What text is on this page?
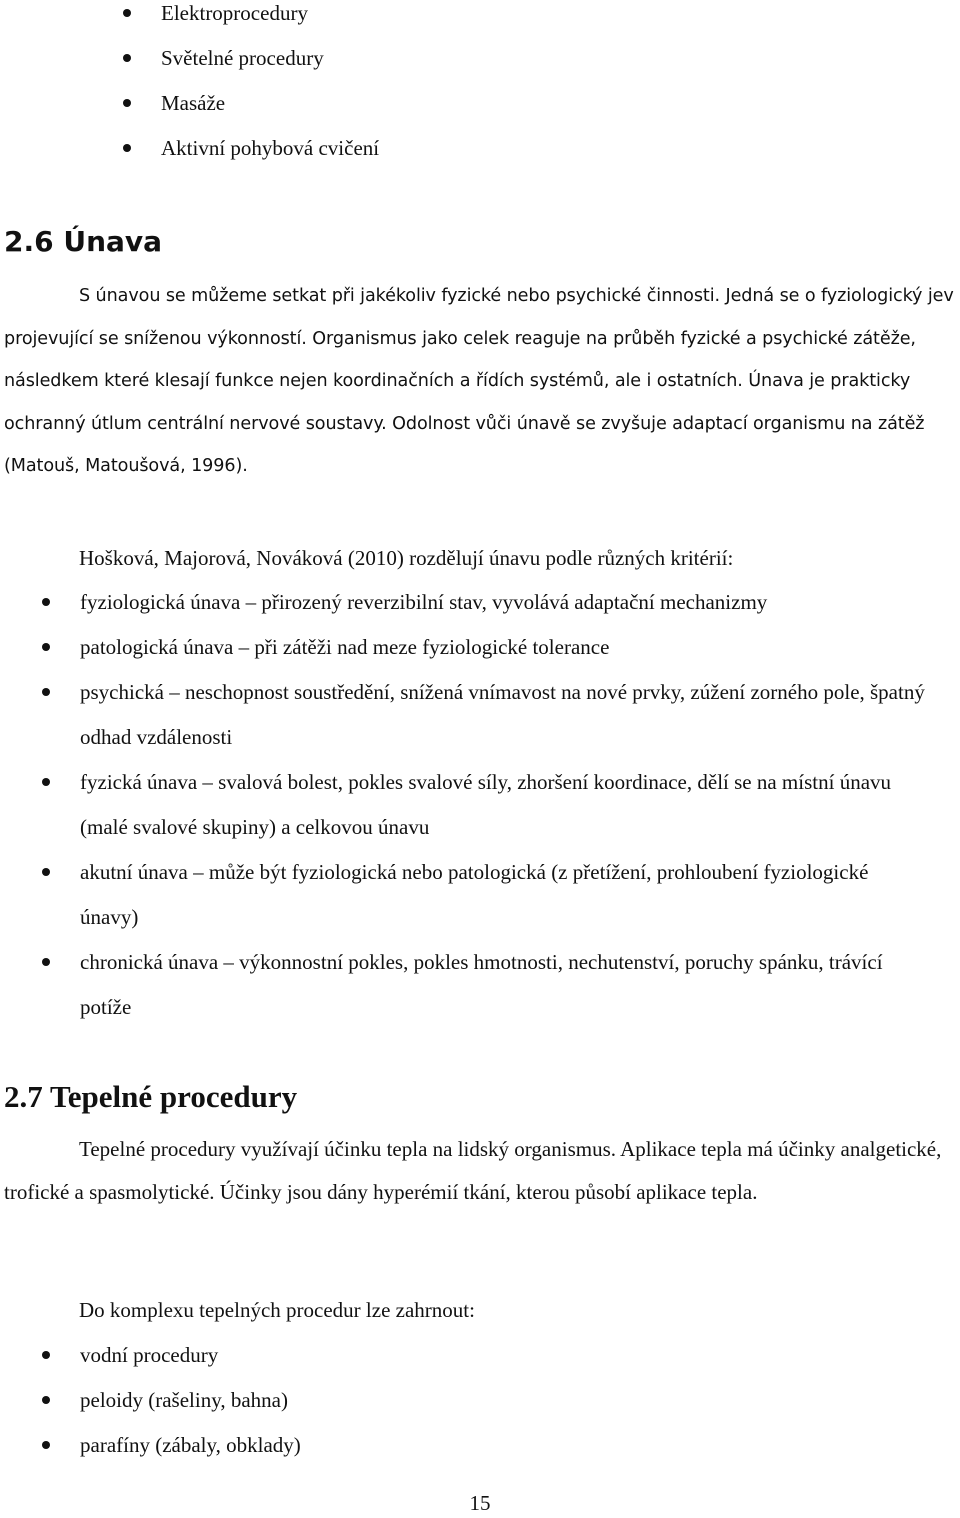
Elektroprocedury
Světelné procedury
Masáže
Aktivní pohybová cvičení
2.6 Únava

S únavou se můžeme setkat při jakékoliv fyzické nebo psychické činnosti. Jedná se o fyziologický jev projevující se sníženou výkonností. Organismus jako celek reaguje na průběh fyzické a psychické zátěže, následkem které klesají funkce nejen koordinačních a řídích systémů, ale i ostatních. Únava je prakticky ochranný útlum centrální nervové soustavy. Odolnost vůči únavě se zvyšuje adaptací organismu na zátěž (Matouš, Matoušová, 1996).

Hošková, Majorová, Nováková (2010) rozdělují únavu podle různých kritérií:

fyziologická únava – přirozený reverzibilní stav, vyvolává adaptační mechanizmy
patologická únava – při zátěži nad meze fyziologické tolerance
psychická – neschopnost soustředění, snížená vnímavost na nové prvky, zúžení zorného pole, špatný odhad vzdálenosti
fyzická únava – svalová bolest, pokles svalové síly, zhoršení koordinace, dělí se na místní únavu (malé svalové skupiny) a celkovou únavu
akutní únava – může být fyziologická nebo patologická (z přetížení, prohloubení fyziologické únavy)
chronická únava – výkonnostní pokles, pokles hmotnosti, nechutenství, poruchy spánku, trávící potíže
2.7 Tepelné procedury

Tepelné procedury využívají účinku tepla na lidský organismus. Aplikace tepla má účinky analgetické, trofické a spasmolytické. Účinky jsou dány hyperémií tkání, kterou působí aplikace tepla.

Do komplexu tepelných procedur lze zahrnout:

vodní procedury
peloidy (rašeliny, bahna)
parafíny (zábaly, obklady)
15
